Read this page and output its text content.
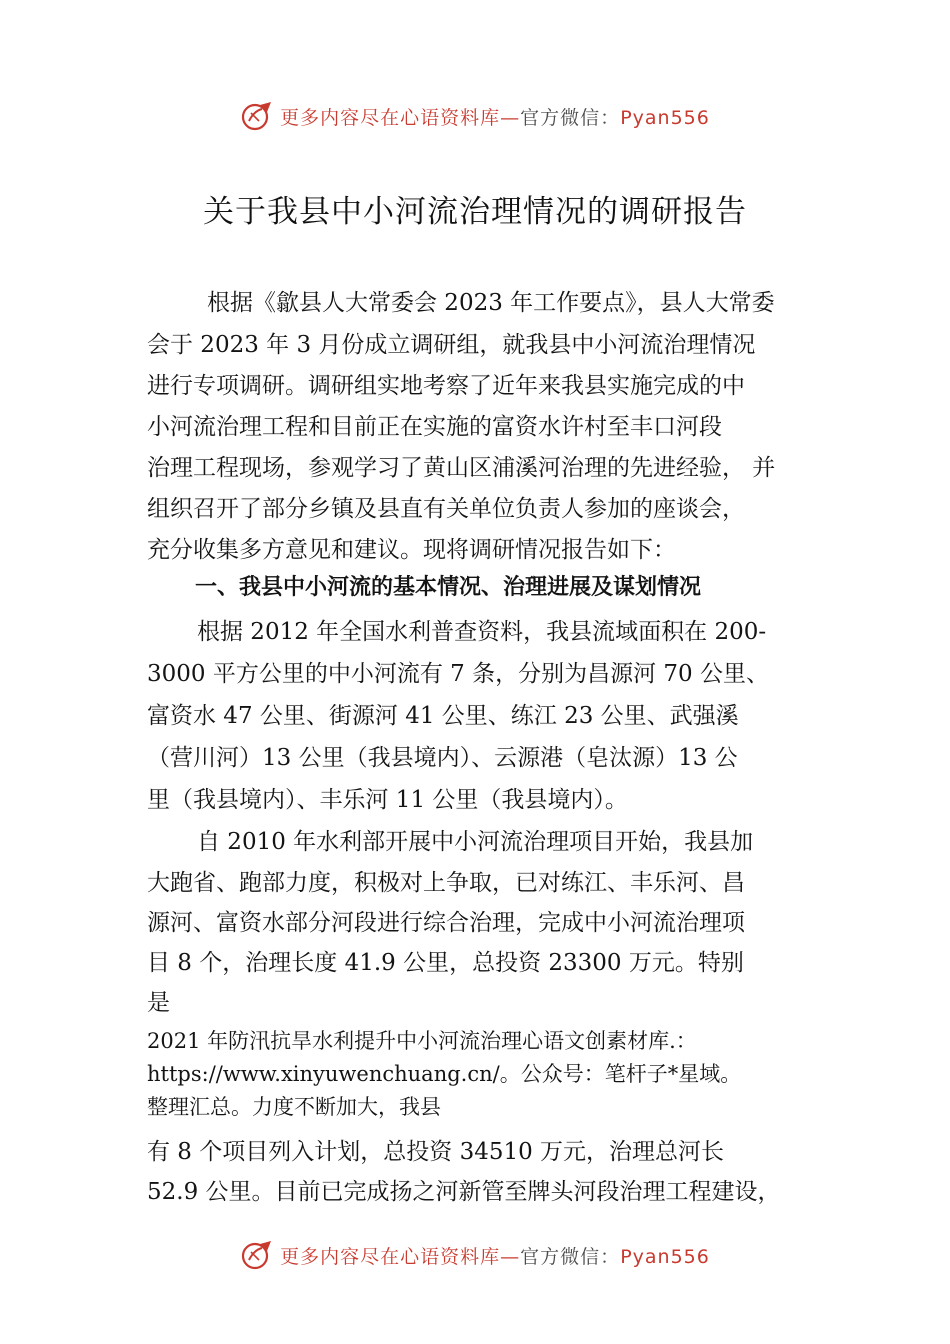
更多内容尽在心语资料库—官方微信：Pyan556
关于我县中小河流治理情况的调研报告
根据《歙县人大常委会 2023 年工作要点》，县人大常委
会于 2023 年 3 月份成立调研组，就我县中小河流治理情况
进行专项调研。调研组实地考察了近年来我县实施完成的中
小河流治理工程和目前正在实施的富资水许村至丰口河段
治理工程现场，参观学习了黄山区浦溪河治理的先进经验， 并
组织召开了部分乡镇及县直有关单位负责人参加的座谈会，
充分收集多方意见和建议。现将调研情况报告如下：
一、我县中小河流的基本情况、治理进展及谋划情况
根据 2012 年全国水利普查资料，我县流域面积在 200-
3000 平方公里的中小河流有 7 条，分别为昌源河 70 公里、
富资水 47 公里、街源河 41 公里、练江 23 公里、武强溪
（营川河）13 公里（我县境内）、云源港（皂汰源）13 公
里（我县境内）、丰乐河 11 公里（我县境内）。
自 2010 年水利部开展中小河流治理项目开始，我县加
大跑省、跑部力度，积极对上争取，已对练江、丰乐河、昌
源河、富资水部分河段进行综合治理，完成中小河流治理项
目 8 个，治理长度 41.9 公里，总投资 23300 万元。特别
是
2021 年防汛抗旱水利提升中小河流治理心语文创素材库.：
https://www.xinyuwenchuang.cn/。公众号：笔杆子*星域。
整理汇总。力度不断加大，我县
有 8 个项目列入计划，总投资 34510 万元，治理总河长
52.9 公里。目前已完成扬之河新管至牌头河段治理工程建设，
更多内容尽在心语资料库—官方微信：Pyan556
